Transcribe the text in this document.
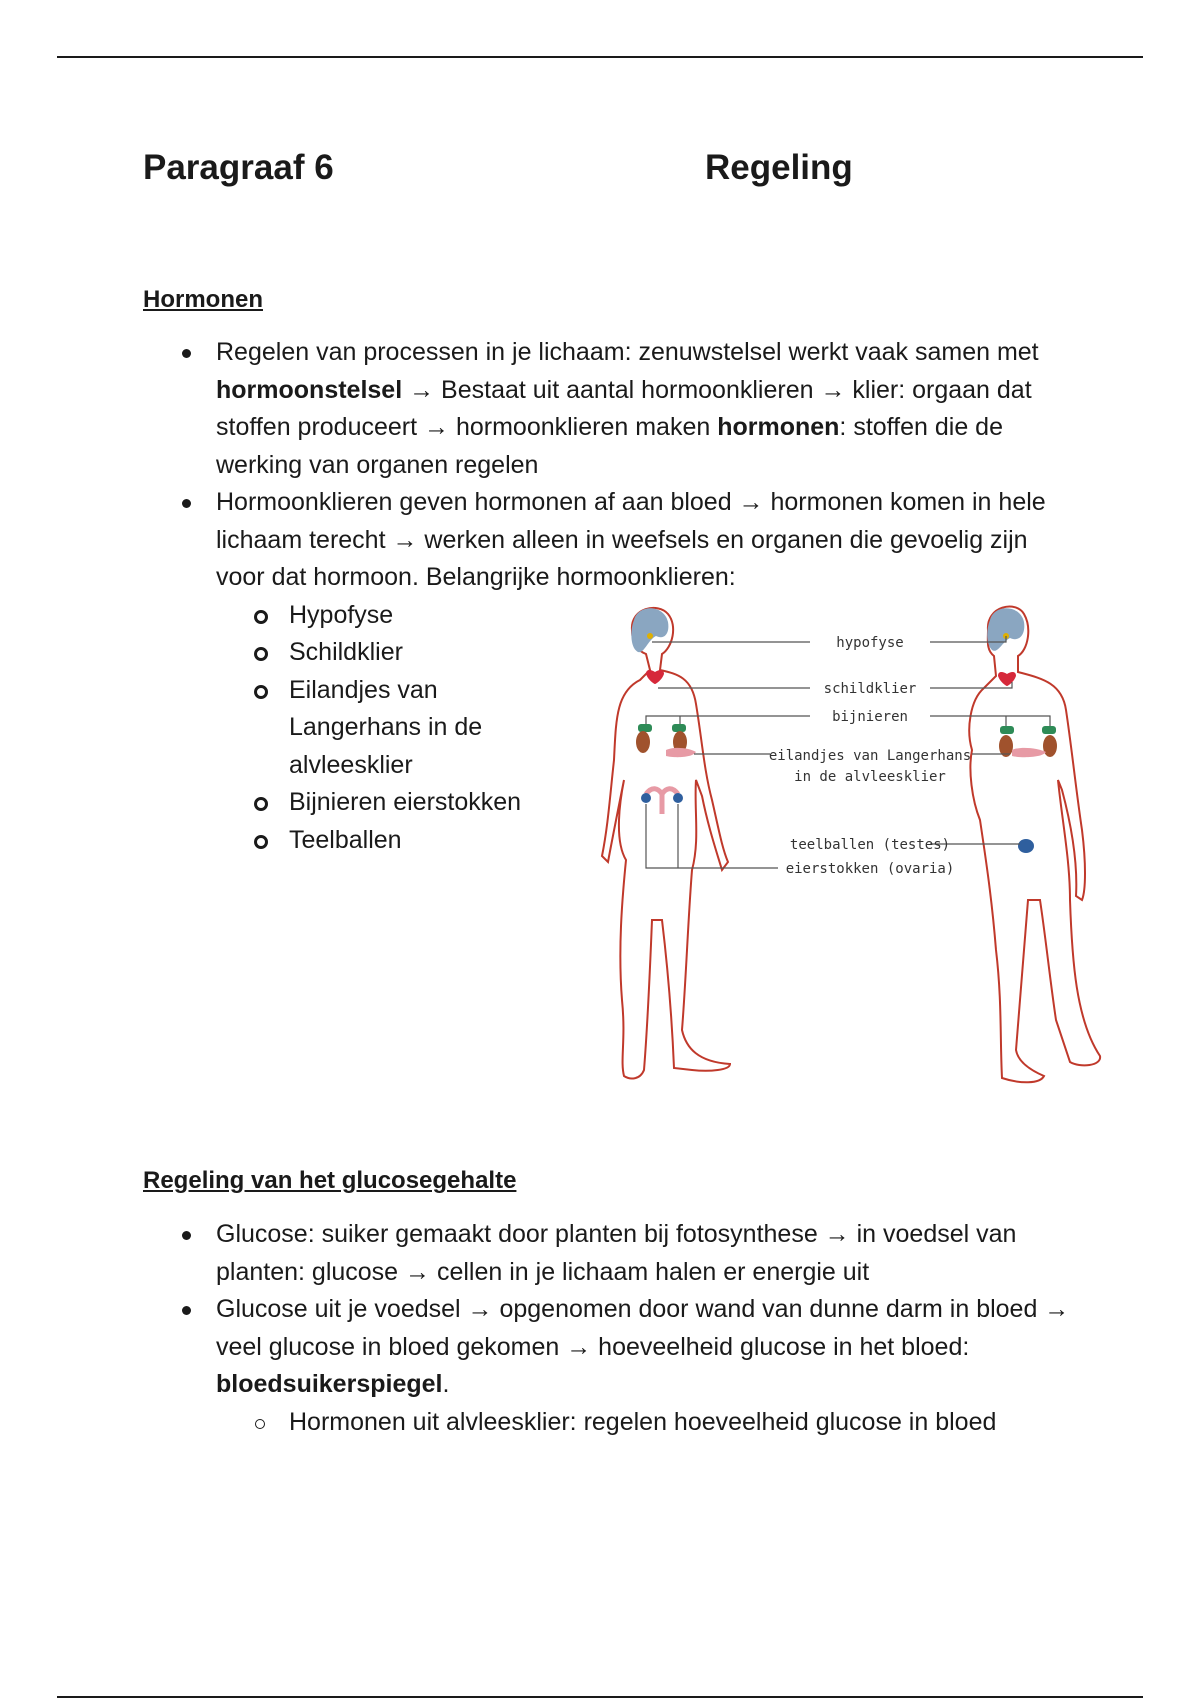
Paragraaf 6	Regeling
Hormonen
Regelen van processen in je lichaam: zenuwstelsel werkt vaak samen met hormoonstelsel → Bestaat uit aantal hormoonklieren → klier: orgaan dat stoffen produceert → hormoonklieren maken hormonen: stoffen die de werking van organen regelen
Hormoonklieren geven hormonen af aan bloed → hormonen komen in hele lichaam terecht → werken alleen in weefsels en organen die gevoelig zijn voor dat hormoon. Belangrijke hormoonklieren:
Hypofyse
Schildklier
Eilandjes van Langerhans in de alvleesklier
Bijnieren eierstokken
Teelballen
hypofyse
schildklier
bijnieren
eilandjes van Langerhans
in de alvleesklier
teelballen (testes)
eierstokken (ovaria)
Regeling van het glucosegehalte
Glucose: suiker gemaakt door planten bij fotosynthese → in voedsel van planten: glucose → cellen in je lichaam halen er energie uit
Glucose uit je voedsel → opgenomen door wand van dunne darm in bloed → veel glucose in bloed gekomen → hoeveelheid glucose in het bloed: bloedsuikerspiegel.
Hormonen uit alvleesklier: regelen hoeveelheid glucose in bloed
